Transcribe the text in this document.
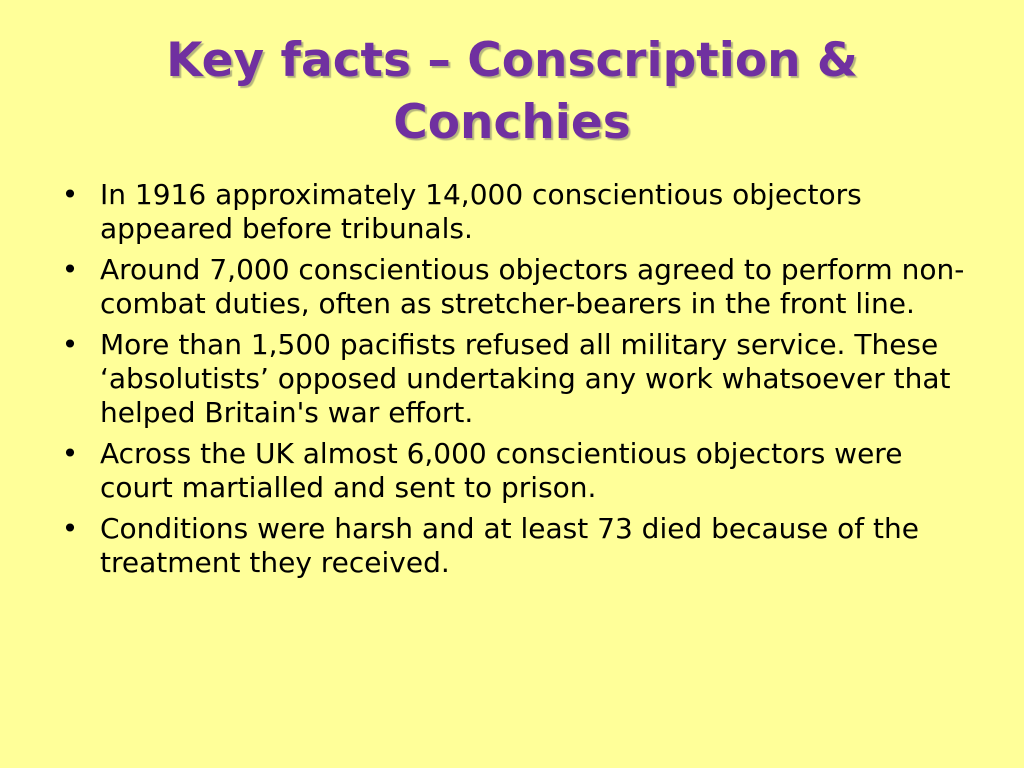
Key facts – Conscription &
Conchies
• In 1916 approximately 14,000 conscientious objectors appeared before tribunals.
• Around 7,000 conscientious objectors agreed to perform non-combat duties, often as stretcher-bearers in the front line.
• More than 1,500 pacifists refused all military service. These ‘absolutists’ opposed undertaking any work whatsoever that helped Britain's war effort.
• Across the UK almost 6,000 conscientious objectors were court martialled and sent to prison.
• Conditions were harsh and at least 73 died because of the treatment they received.
